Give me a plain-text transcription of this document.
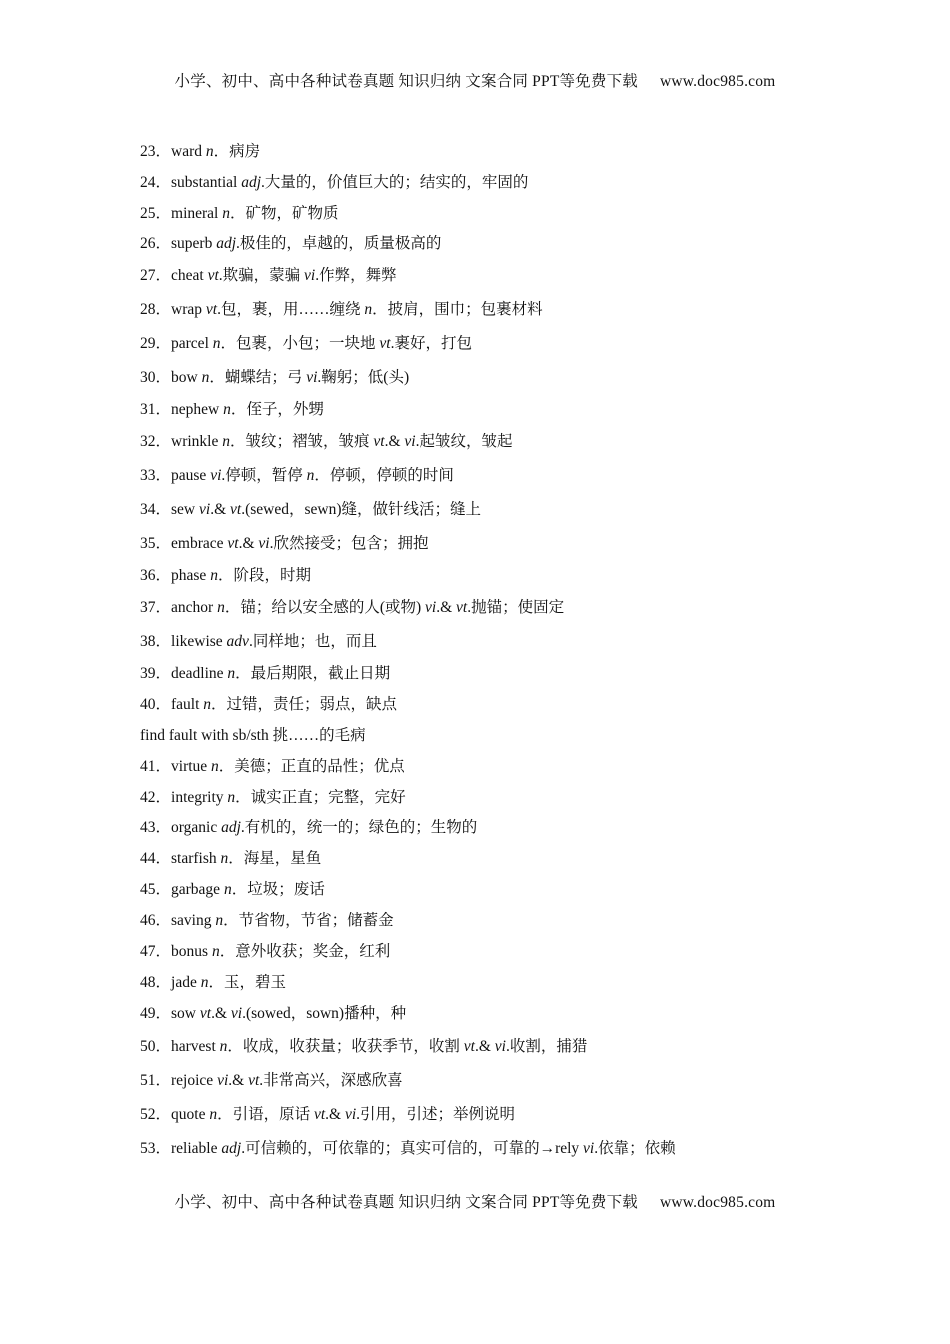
小学、初中、高中各种试卷真题 知识归纳 文案合同 PPT等免费下载 www.doc985.com
23．ward n．病房
24．substantial adj.大量的，价值巨大的；结实的，牢固的
25．mineral n．矿物，矿物质
26．superb adj.极佳的，卓越的，质量极高的
27．cheat vt.欺骗，蒙骗 vi.作弊，舞弊
28．wrap vt.包，裹，用……缠绕 n．披肩，围巾；包裹材料
29．parcel n．包裹，小包；一块地 vt.裹好，打包
30．bow n．蝴蝶结；弓 vi.鞠躬；低(头)
31．nephew n．侄子，外甥
32．wrinkle n．皱纹；褶皱，皱痕 vt.& vi.起皱纹，皱起
33．pause vi.停顿，暂停 n．停顿，停顿的时间
34．sew vi.& vt.(sewed，sewn)缝，做针线活；缝上
35．embrace vt.& vi.欣然接受；包含；拥抱
36．phase n．阶段，时期
37．anchor n．锚；给以安全感的人(或物) vi.& vt.抛锚；使固定
38．likewise adv.同样地；也，而且
39．deadline n．最后期限，截止日期
40．fault n．过错，责任；弱点，缺点
find fault with sb/sth 挑……的毛病
41．virtue n．美德；正直的品性；优点
42．integrity n．诚实正直；完整，完好
43．organic adj.有机的，统一的；绿色的；生物的
44．starfish n．海星，星鱼
45．garbage n．垃圾；废话
46．saving n．节省物，节省；储蓄金
47．bonus n．意外收获；奖金，红利
48．jade n．玉，碧玉
49．sow vt.& vi.(sowed，sown)播种，种
50．harvest n．收成，收获量；收获季节，收割 vt.& vi.收割，捕猎
51．rejoice vi.& vt.非常高兴，深感欣喜
52．quote n．引语，原话 vt.& vi.引用，引述；举例说明
53．reliable adj.可信赖的，可依靠的；真实可信的，可靠的→rely vi.依靠；依赖
小学、初中、高中各种试卷真题 知识归纳 文案合同 PPT等免费下载 www.doc985.com
